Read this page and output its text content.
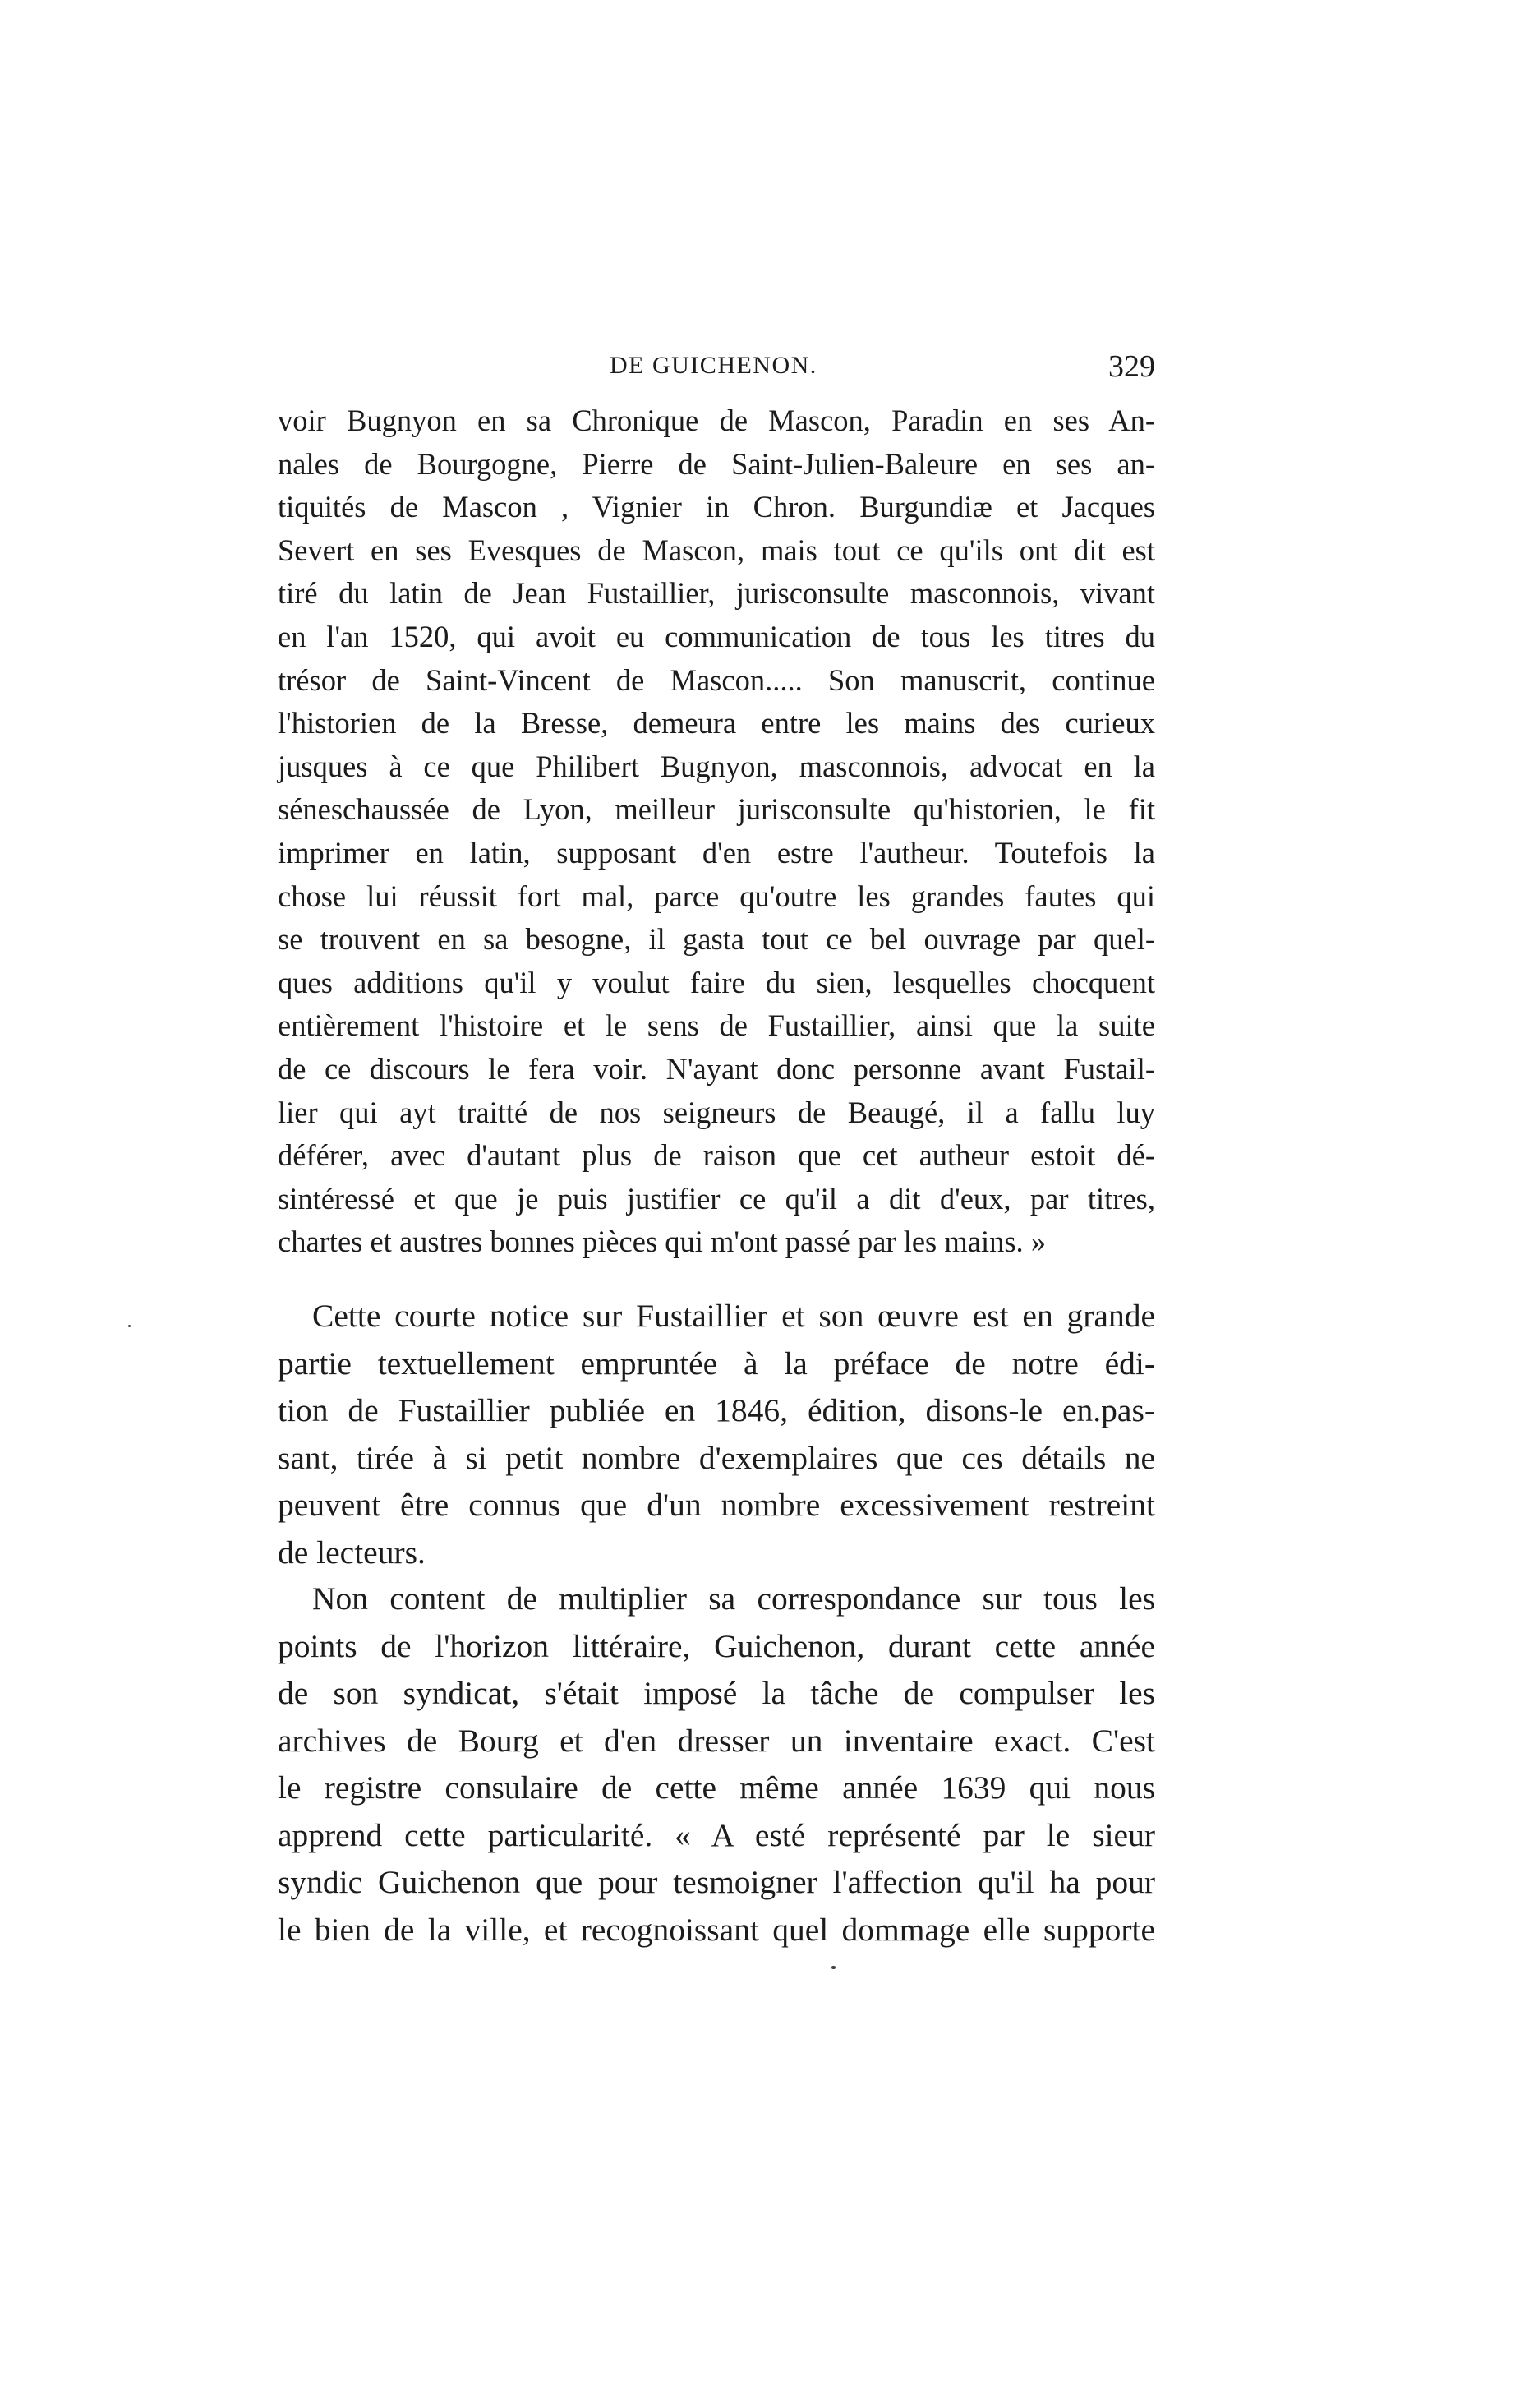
DE GUICHENON.	329
voir Bugnyon en sa Chronique de Mascon, Paradin en ses An-
nales de Bourgogne, Pierre de Saint-Julien-Baleure en ses an-
tiquités de Mascon , Vignier in Chron. Burgundiæ et Jacques
Severt en ses Evesques de Mascon, mais tout ce qu'ils ont dit est
tiré du latin de Jean Fustaillier, jurisconsulte masconnois, vivant
en l'an 1520, qui avoit eu communication de tous les titres du
trésor de Saint-Vincent de Mascon..... Son manuscrit, continue
l'historien de la Bresse, demeura entre les mains des curieux
jusques à ce que Philibert Bugnyon, masconnois, advocat en la
séneschaussée de Lyon, meilleur jurisconsulte qu'historien, le fit
imprimer en latin, supposant d'en estre l'autheur. Toutefois la
chose lui réussit fort mal, parce qu'outre les grandes fautes qui
se trouvent en sa besogne, il gasta tout ce bel ouvrage par quel-
ques additions qu'il y voulut faire du sien, lesquelles chocquent
entièrement l'histoire et le sens de Fustaillier, ainsi que la suite
de ce discours le fera voir. N'ayant donc personne avant Fustail-
lier qui ayt traitté de nos seigneurs de Beaugé, il a fallu luy
déférer, avec d'autant plus de raison que cet autheur estoit dé-
sintéressé et que je puis justifier ce qu'il a dit d'eux, par titres,
chartes et austres bonnes pièces qui m'ont passé par les mains. »
Cette courte notice sur Fustaillier et son œuvre est en grande
partie textuellement empruntée à la préface de notre édi-
tion de Fustaillier publiée en 1846, édition, disons-le en.pas-
sant, tirée à si petit nombre d'exemplaires que ces détails ne
peuvent être connus que d'un nombre excessivement restreint
de lecteurs.
Non content de multiplier sa correspondance sur tous les
points de l'horizon littéraire, Guichenon, durant cette année
de son syndicat, s'était imposé la tâche de compulser les
archives de Bourg et d'en dresser un inventaire exact. C'est
le registre consulaire de cette même année 1639 qui nous
apprend cette particularité. « A esté représenté par le sieur
syndic Guichenon que pour tesmoigner l'affection qu'il ha pour
le bien de la ville, et recognoissant quel dommage elle supporte
